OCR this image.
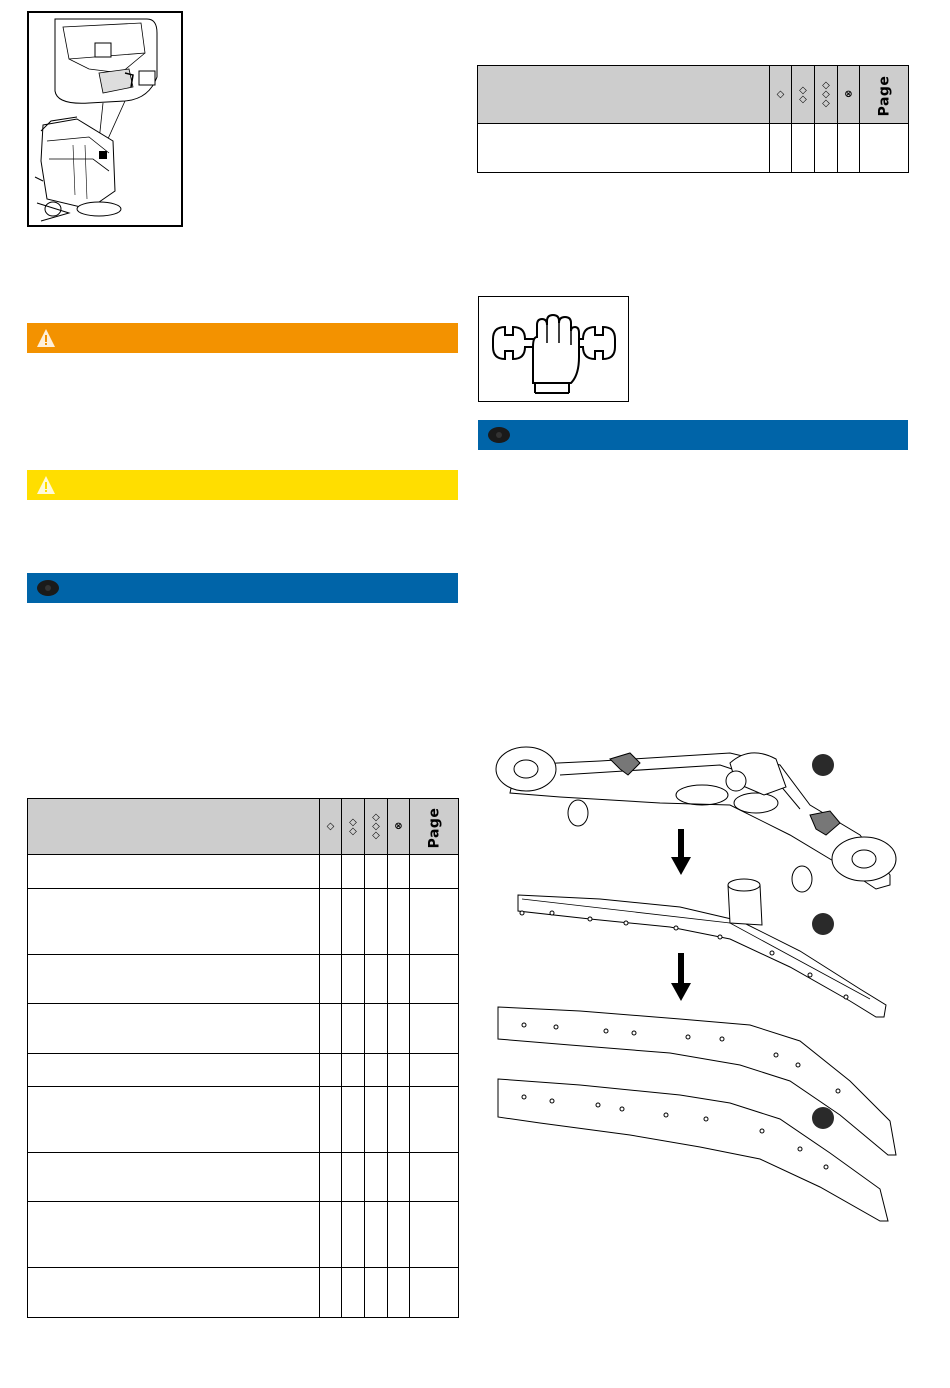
	◇	◇◇	◇◇◇	⊗	Page

	◇	◇◇	◇◇◇	⊗	Page
